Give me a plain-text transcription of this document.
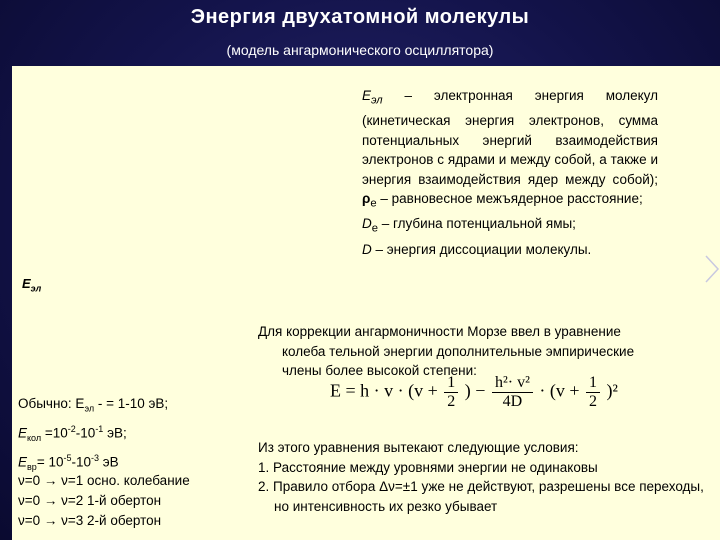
Энергия двухатомной молекулы
(модель ангармонического осциллятора)
$E_{эл}$ – электронная энергия молекул (кинетическая энергия электронов, сумма потенциальных энергий взаимодействия электронов с ядрами и между собой, а также и энергия взаимодействия ядер между собой); $\rho_e$ – равновесное межъядерное расстояние;
$D_e$ – глубина потенциальной ямы;
D – энергия диссоциации молекулы.
$E_{эл}$
Для коррекции ангармоничности Морзе ввел в уравнение
колеба тельной энергии дополнительные эмпирические
члены более высокой степени:
$E = h \cdot v \cdot (v + \frac{1}{2}$ ) − $\frac{\text{h²· v²}}{4D} \cdot (v + \frac{1}{2} )^2$
Обычно: $E_{эл}$ - = 1-10 эВ;
$E_{кол} =10^{-2}-10^{-1}$ эВ;
$E_{вр}= 10^{-5}-10^{-3}$ эВ
ν=0 → ν=1 осно. колебание
ν=0 → ν=2 1-й обертон
ν=0 → ν=3 2-й обертон
Из этого уравнения вытекают следующие условия:
1. Расстояние между уровнями энергии не одинаковы
2. Правило отбора Δν=±1 уже не действуют, разрешены все переходы, но интенсивность их резко убывает
